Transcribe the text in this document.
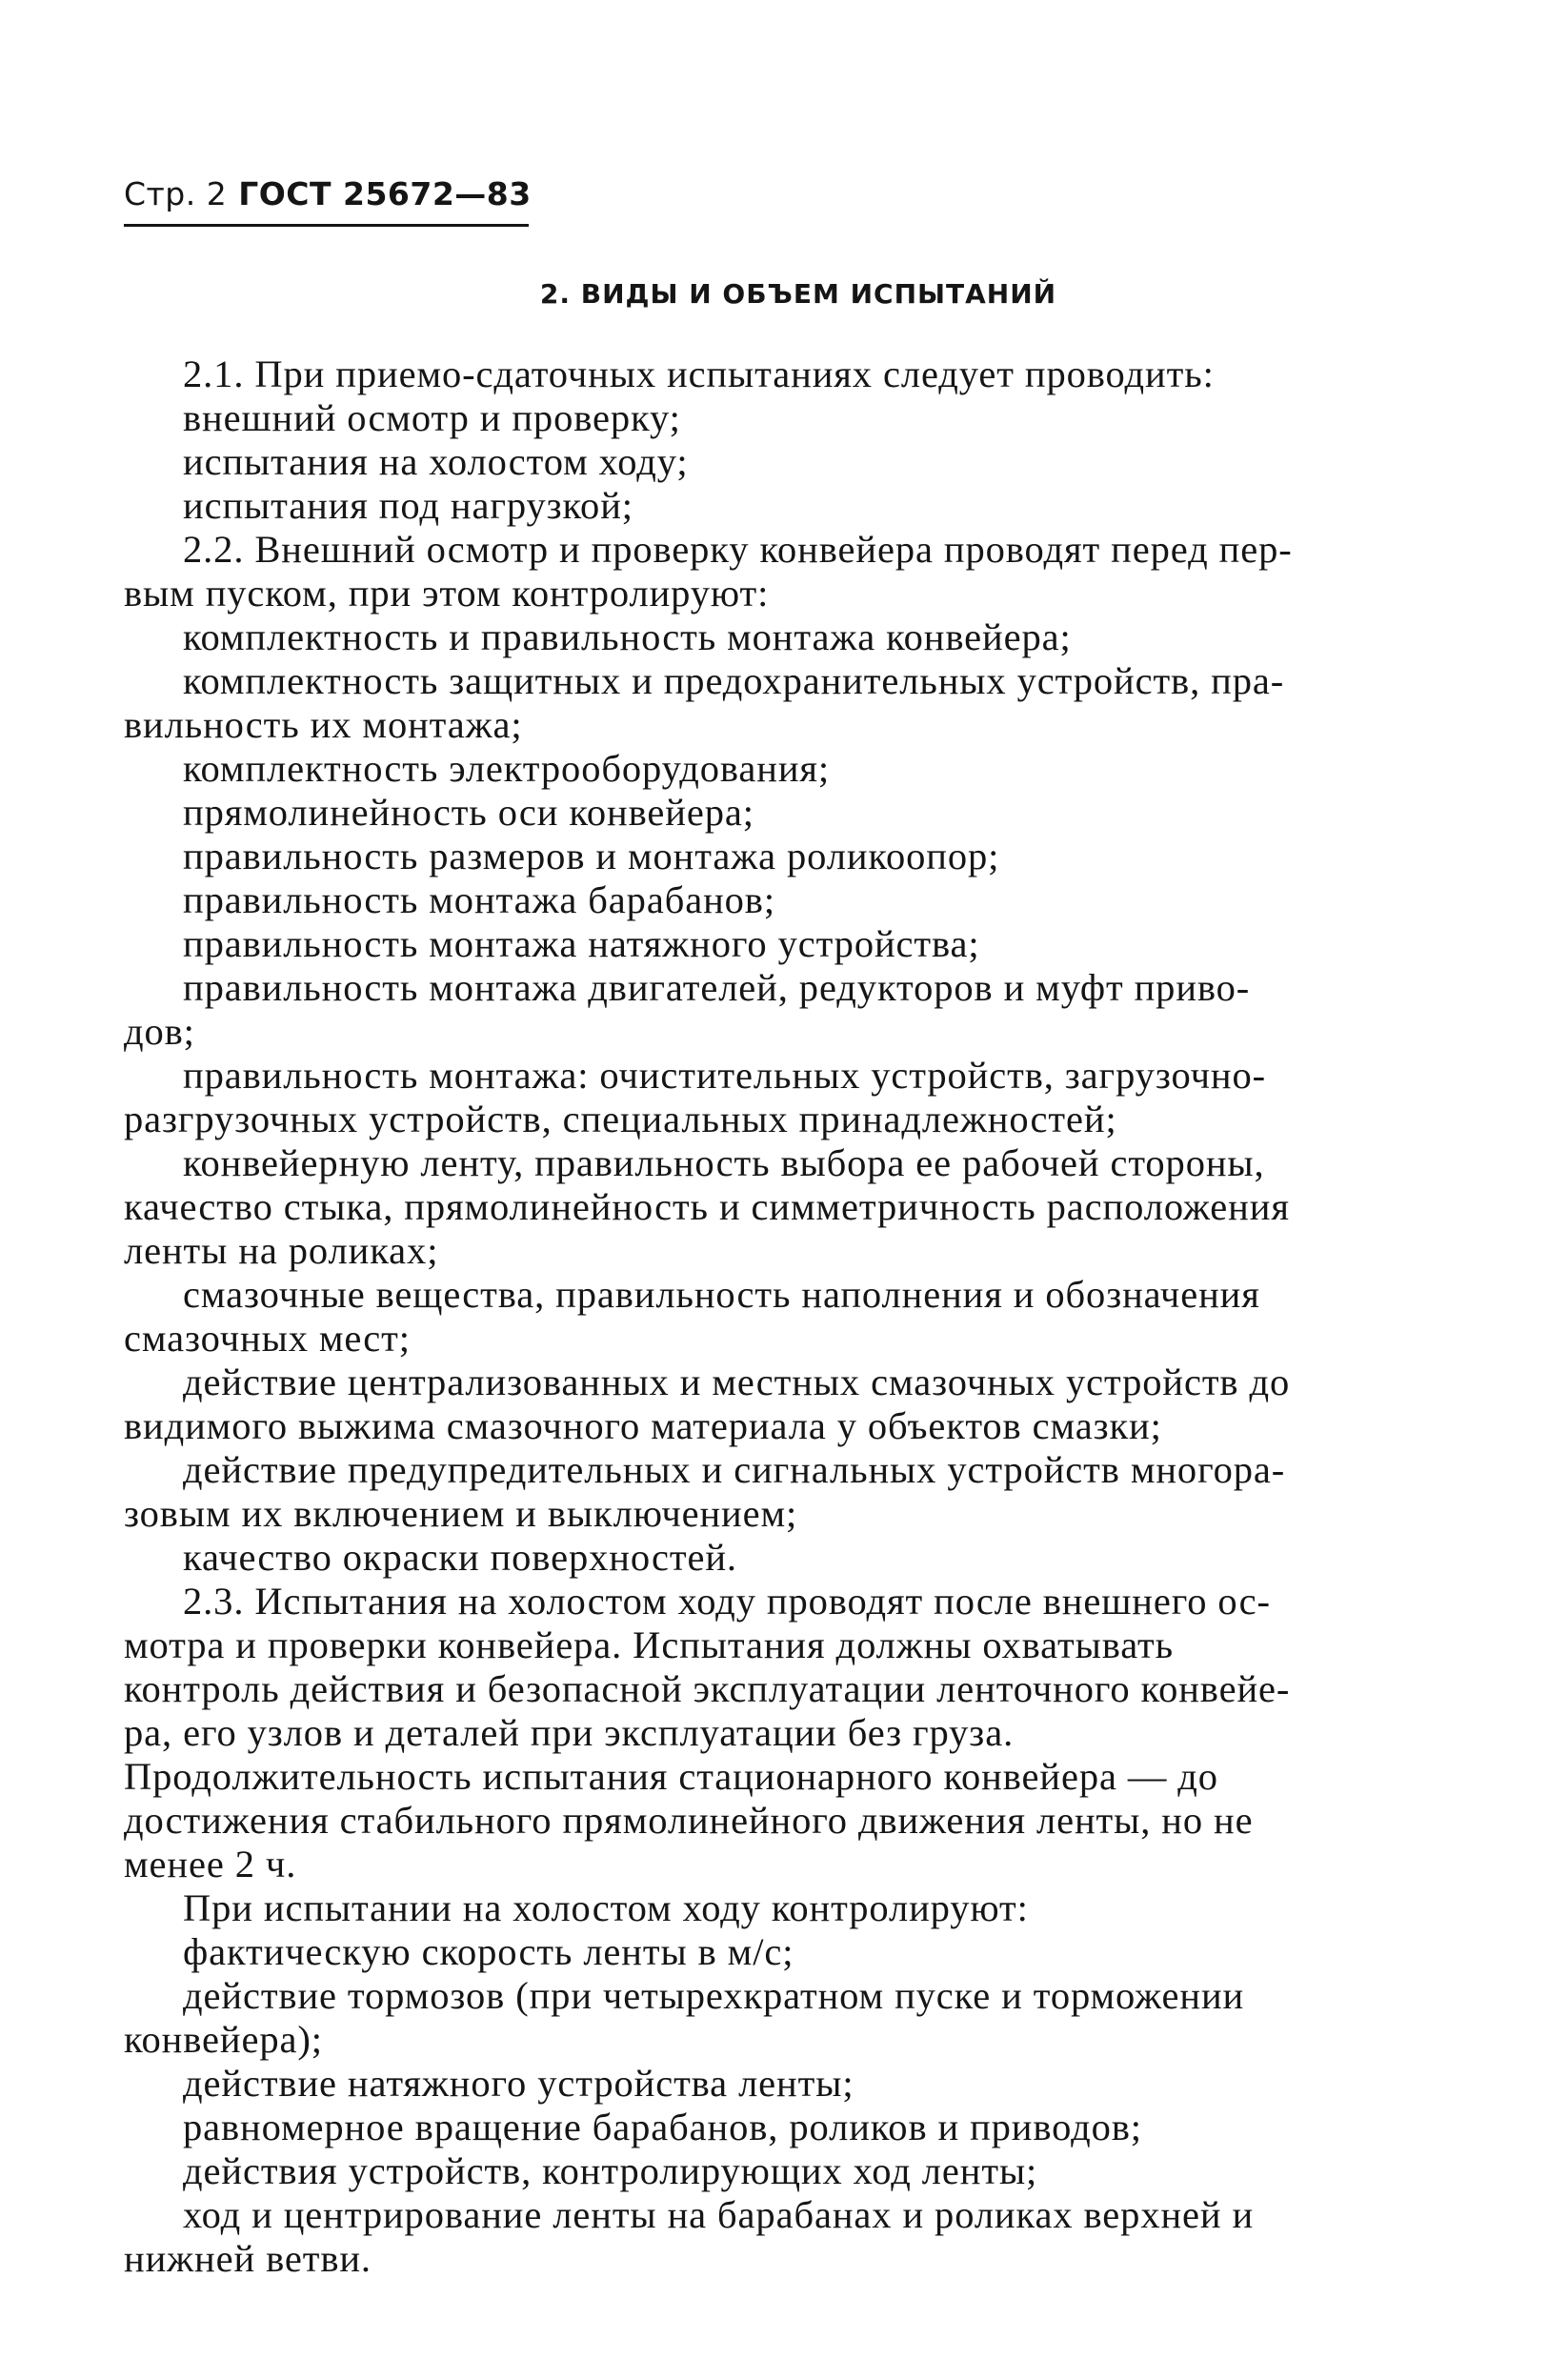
Стр. 2 ГОСТ 25672—83
2. ВИДЫ И ОБЪЕМ ИСПЫТАНИЙ
2.1. При приемо-сдаточных испытаниях следует проводить:
внешний осмотр и проверку;
испытания на холостом ходу;
испытания под нагрузкой;
2.2. Внешний осмотр и проверку конвейера проводят перед пер-
вым пуском, при этом контролируют:
комплектность и правильность монтажа конвейера;
комплектность защитных и предохранительных устройств, пра-
вильность их монтажа;
комплектность электрооборудования;
прямолинейность оси конвейера;
правильность размеров и монтажа роликоопор;
правильность монтажа барабанов;
правильность монтажа натяжного устройства;
правильность монтажа двигателей, редукторов и муфт приво-
дов;
правильность монтажа: очистительных устройств, загрузочно-
разгрузочных устройств, специальных принадлежностей;
конвейерную ленту, правильность выбора ее рабочей стороны,
качество стыка, прямолинейность и симметричность расположения
ленты на роликах;
смазочные вещества, правильность наполнения и обозначения
смазочных мест;
действие централизованных и местных смазочных устройств до
видимого выжима смазочного материала у объектов смазки;
действие предупредительных и сигнальных устройств многора-
зовым их включением и выключением;
качество окраски поверхностей.
2.3. Испытания на холостом ходу проводят после внешнего ос-
мотра и проверки конвейера. Испытания должны охватывать
контроль действия и безопасной эксплуатации ленточного конвейе-
ра, его узлов и деталей при эксплуатации без груза.
Продолжительность испытания стационарного конвейера — до
достижения стабильного прямолинейного движения ленты, но не
менее 2 ч.
При испытании на холостом ходу контролируют:
фактическую скорость ленты в м/с;
действие тормозов (при четырехкратном пуске и торможении
конвейера);
действие натяжного устройства ленты;
равномерное вращение барабанов, роликов и приводов;
действия устройств, контролирующих ход ленты;
ход и центрирование ленты на барабанах и роликах верхней и
нижней ветви.
